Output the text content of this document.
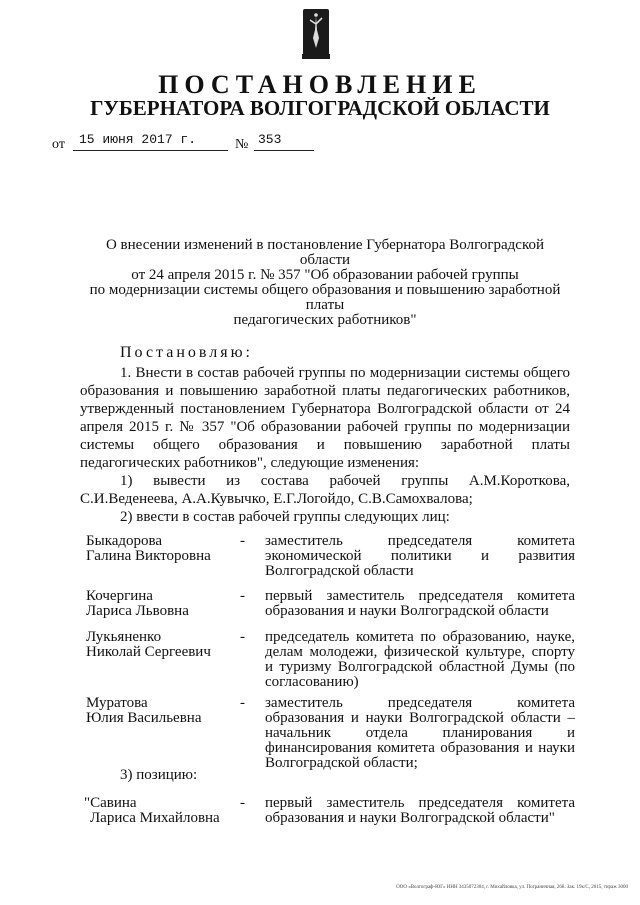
ПОСТАНОВЛЕНИЕ
ГУБЕРНАТОРА ВОЛГОГРАДСКОЙ ОБЛАСТИ
от 15 июня 2017 г.	№ 353
О внесении изменений в постановление Губернатора Волгоградской области
от 24 апреля 2015 г. № 357 "Об образовании рабочей группы
по модернизации системы общего образования и повышению заработной платы
педагогических работников"
Постановляю:
1. Внести в состав рабочей группы по модернизации системы общего образования и повышению заработной платы педагогических работников, утвержденный постановлением Губернатора Волгоградской области от 24 апреля 2015 г. № 357 "Об образовании рабочей группы по модернизации системы общего образования и повышению заработной платы педагогических работников", следующие изменения:
1) вывести из состава рабочей группы А.М.Короткова, С.И.Веденеева, А.А.Кувычко, Е.Г.Логойдо, С.В.Самохвалова;
2) ввести в состав рабочей группы следующих лиц:
Быкадорова
Галина Викторовна
- заместитель председателя комитета экономической политики и развития Волгоградской области
Кочергина
Лариса Львовна
- первый заместитель председателя комитета образования и науки Волгоградской области
Лукьяненко
Николай Сергеевич
- председатель комитета по образованию, науке, делам молодежи, физической культуре, спорту и туризму Волгоградской областной Думы (по согласованию)
Муратова
Юлия Васильевна
- заместитель председателя комитета образования и науки Волгоградской области – начальник отдела планирования и финансирования комитета образования и науки Волгоградской области;
3) позицию:
"Савина
Лариса Михайловна
- первый заместитель председателя комитета образования и науки Волгоградской области"
ООО «Волгограф-ЮГ» ИНН 3435072304, г. Михайловка, ул. Пограничная, 268. Зак. 19к/С, 2015, тираж 3000
